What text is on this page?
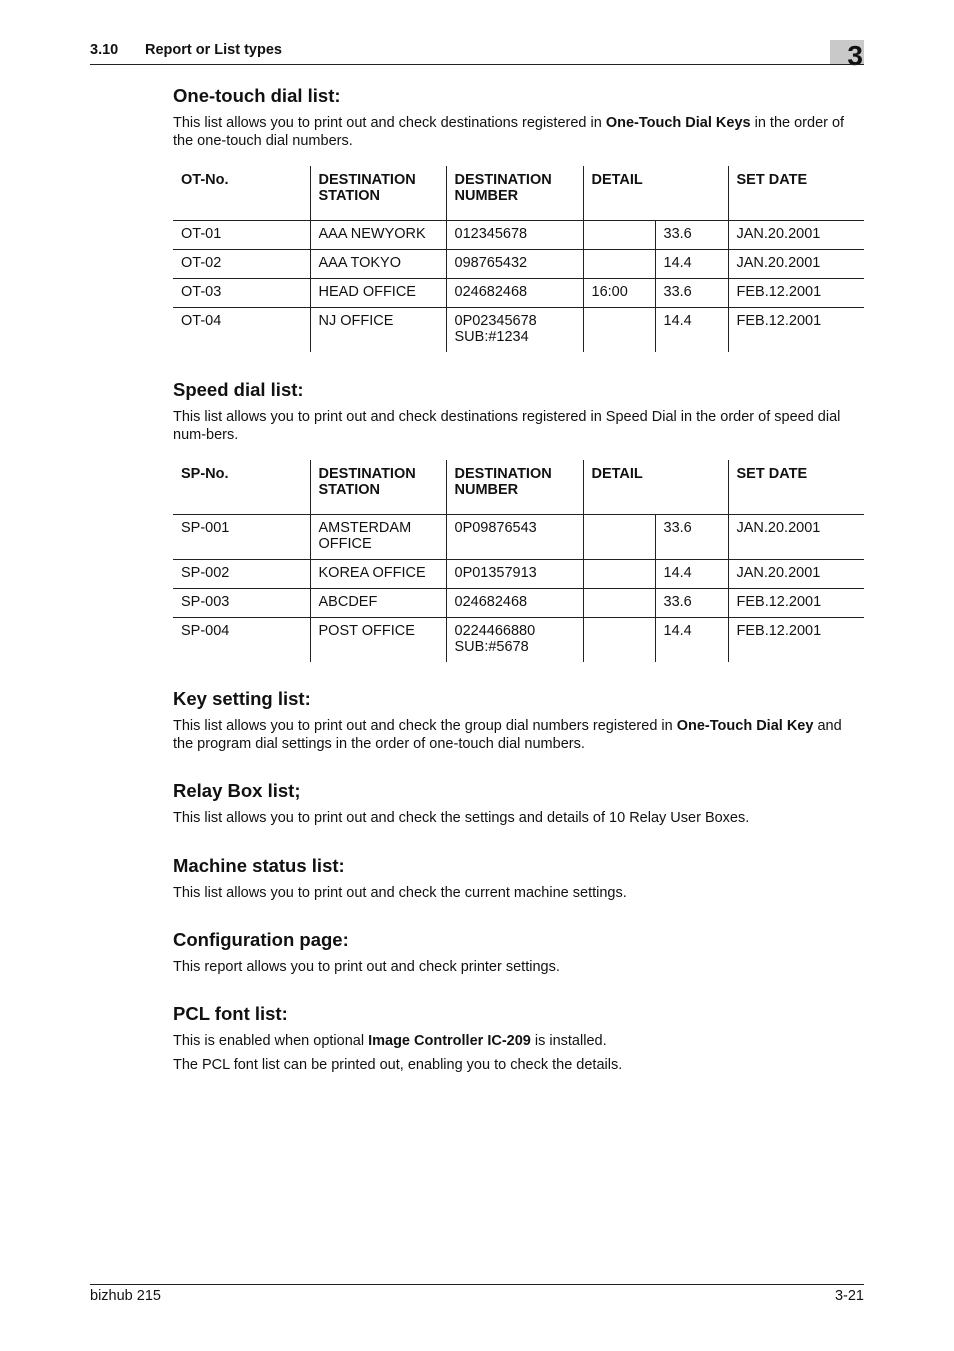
3.10 Report or List types	3
One-touch dial list:

This list allows you to print out and check destinations registered in One-Touch Dial Keys in the order of the one-touch dial numbers.

OT-No.	DESTINATION STATION	DESTINATION NUMBER	DETAIL		SET DATE
OT-01	AAA NEWYORK	012345678		33.6	JAN.20.2001
OT-02	AAA TOKYO	098765432		14.4	JAN.20.2001
OT-03	HEAD OFFICE	024682468	16:00	33.6	FEB.12.2001
OT-04	NJ OFFICE	0P02345678
SUB:#1234		14.4	FEB.12.2001
Speed dial list:

This list allows you to print out and check destinations registered in Speed Dial in the order of speed dial num-bers.

SP-No.	DESTINATION STATION	DESTINATION NUMBER	DETAIL		SET DATE
SP-001	AMSTERDAM
OFFICE	0P09876543		33.6	JAN.20.2001
SP-002	KOREA OFFICE	0P01357913		14.4	JAN.20.2001
SP-003	ABCDEF	024682468		33.6	FEB.12.2001
SP-004	POST OFFICE	0224466880
SUB:#5678		14.4	FEB.12.2001
Key setting list:

This list allows you to print out and check the group dial numbers registered in One-Touch Dial Key and the program dial settings in the order of one-touch dial numbers.

Relay Box list;

This list allows you to print out and check the settings and details of 10 Relay User Boxes.

Machine status list:

This list allows you to print out and check the current machine settings.

Configuration page:

This report allows you to print out and check printer settings.

PCL font list:

This is enabled when optional Image Controller IC-209 is installed.

The PCL font list can be printed out, enabling you to check the details.

bizhub 215	3-21
